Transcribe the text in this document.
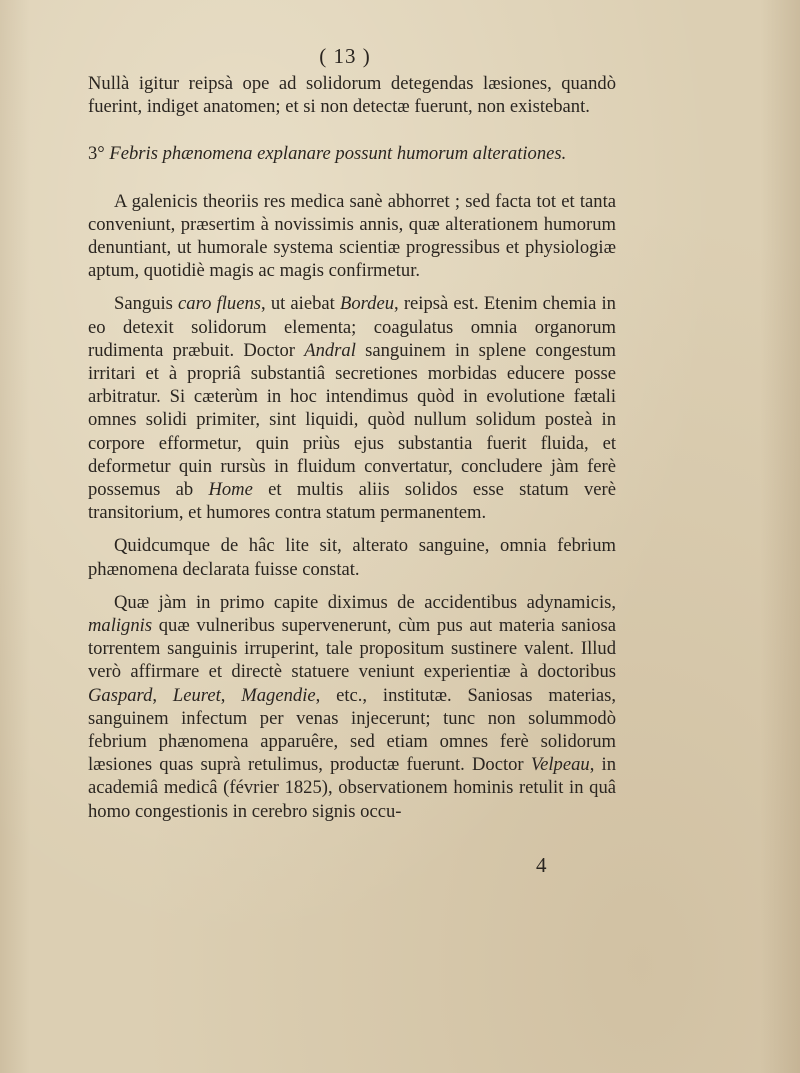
( 13 )

Nullà igitur reipsà ope ad solidorum detegendas læsiones, quandò fuerint, indiget anatomen; et si non detectæ fuerunt, non existebant.

3° Febris phænomena explanare possunt humorum alterationes.

A galenicis theoriis res medica sanè abhorret ; sed facta tot et tanta conveniunt, præsertim à novissimis annis, quæ alterationem humorum denuntiant, ut humorale systema scientiæ progressibus et physiologiæ aptum, quotidiè magis ac magis confirmetur.

Sanguis caro fluens, ut aiebat Bordeu, reipsà est. Etenim chemia in eo detexit solidorum elementa; coagulatus omnia organorum rudimenta præbuit. Doctor Andral sanguinem in splene congestum irritari et à propriâ substantiâ secretiones morbidas educere posse arbitratur. Si cæterùm in hoc intendimus quòd in evolutione fætali omnes solidi primiter, sint liquidi, quòd nullum solidum posteà in corpore efformetur, quin priùs ejus substantia fuerit fluida, et deformetur quin rursùs in fluidum convertatur, concludere jàm ferè possemus ab Home et multis aliis solidos esse statum verè transitorium, et humores contra statum permanentem.

Quidcumque de hâc lite sit, alterato sanguine, omnia febrium phænomena declarata fuisse constat.

Quæ jàm in primo capite diximus de accidentibus adynamicis, malignis quæ vulneribus supervenerunt, cùm pus aut materia saniosa torrentem sanguinis irruperint, tale propositum sustinere valent. Illud verò affirmare et directè statuere veniunt experientiæ à doctoribus Gaspard, Leuret, Magendie, etc., institutæ. Saniosas materias, sanguinem infectum per venas injecerunt; tunc non solummodò febrium phænomena apparuêre, sed etiam omnes ferè solidorum læsiones quas suprà retulimus, productæ fuerunt. Doctor Velpeau, in academiâ medicâ (février 1825), observationem hominis retulit in quâ homo congestionis in cerebro signis occu-

4
